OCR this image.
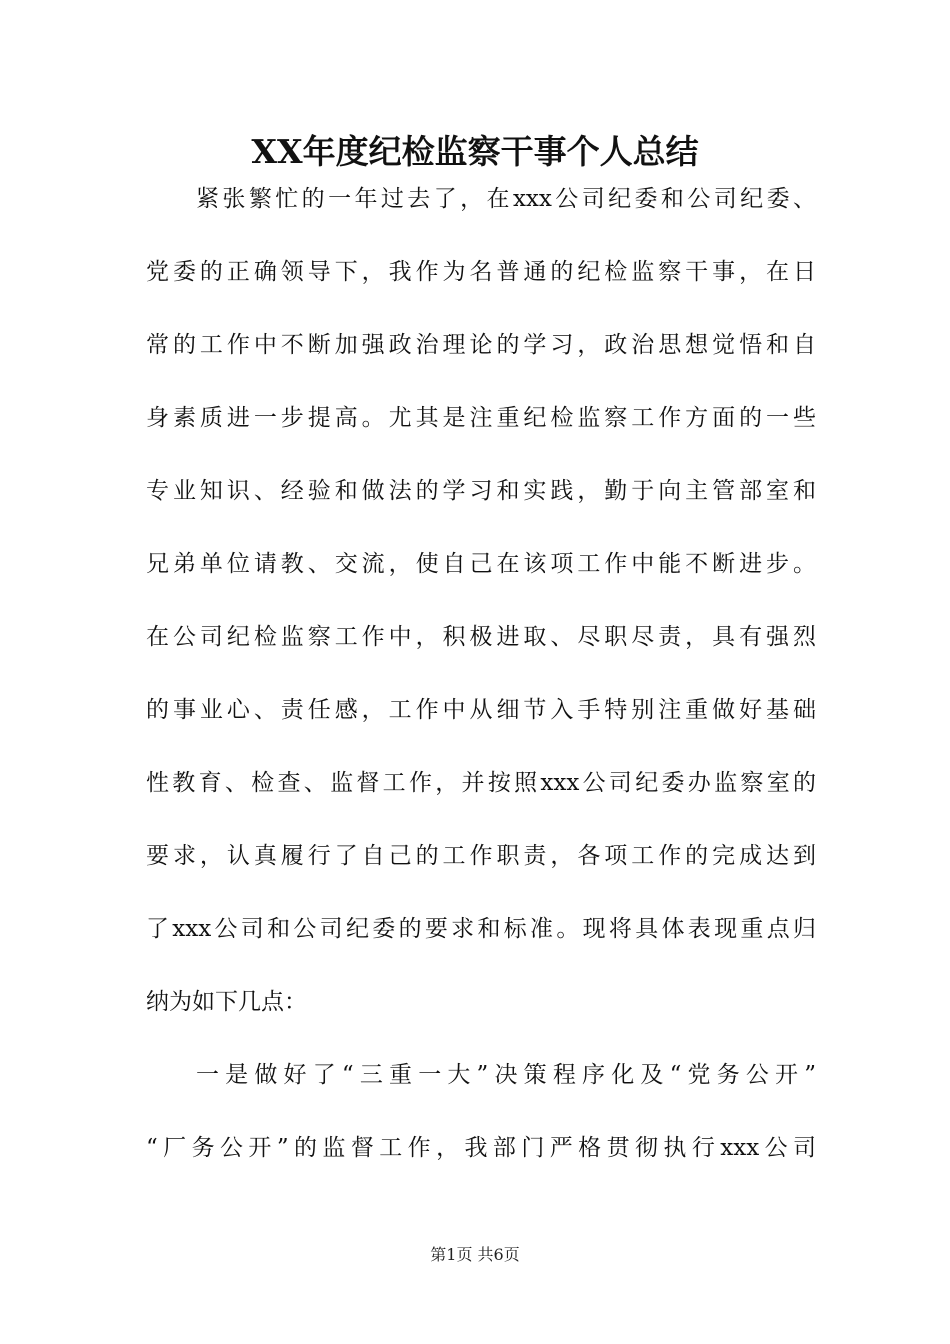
XX年度纪检监察干事个人总结
紧张繁忙的一年过去了，在xxx公司纪委和公司纪委、
党委的正确领导下，我作为名普通的纪检监察干事，在日
常的工作中不断加强政治理论的学习，政治思想觉悟和自
身素质进一步提高。尤其是注重纪检监察工作方面的一些
专业知识、经验和做法的学习和实践，勤于向主管部室和
兄弟单位请教、交流，使自己在该项工作中能不断进步。
在公司纪检监察工作中，积极进取、尽职尽责，具有强烈
的事业心、责任感，工作中从细节入手特别注重做好基础
性教育、检查、监督工作，并按照xxx公司纪委办监察室的
要求，认真履行了自己的工作职责，各项工作的完成达到
了xxx公司和公司纪委的要求和标准。现将具体表现重点归
纳为如下几点：
一是做好了“三重一大”决策程序化及“党务公开”
“厂务公开”的监督工作，我部门严格贯彻执行xxx公司
第1页 共6页
